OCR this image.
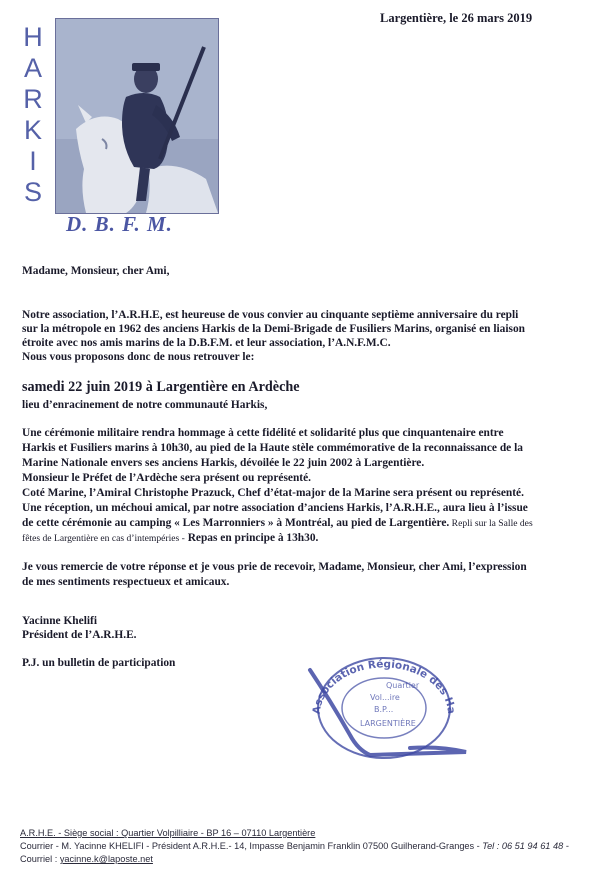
H
A
R
K
I
S
D. B. F. M.
Largentière, le 26 mars 2019
Madame, Monsieur, cher Ami,
Notre association, l’A.R.H.E, est heureuse de vous convier au cinquante septième anniversaire du repli
sur la métropole en 1962 des anciens Harkis de la Demi-Brigade de Fusiliers Marins, organisé en liaison
étroite avec nos amis marins de la D.B.F.M. et leur association, l’A.N.F.M.C.
Nous vous proposons donc de nous retrouver le:
samedi 22 juin 2019 à Largentière en Ardèche
lieu d’enracinement de notre communauté Harkis,
Une cérémonie militaire rendra hommage à cette fidélité et solidarité plus que cinquantenaire entre
Harkis et Fusiliers marins à 10h30, au pied de la Haute stèle commémorative de la reconnaissance de la
Marine Nationale envers ses anciens Harkis, dévoilée le 22 juin 2002 à Largentière.
Monsieur le Préfet de l’Ardèche sera présent ou représenté.
Coté Marine, l’Amiral Christophe Prazuck, Chef d’état-major de la Marine sera présent ou représenté.
Une réception, un méchoui amical, par notre association d’anciens Harkis, l’A.R.H.E., aura lieu à l’issue
de cette cérémonie au camping « Les Marronniers » à Montréal, au pied de Largentière. Repli sur la Salle des
fêtes de Largentière en cas d’intempéries - Repas en principe à 13h30.
Je vous remercie de votre réponse et je vous prie de recevoir, Madame, Monsieur, cher Ami, l’expression
de mes sentiments respectueux et amicaux.
Yacinne Khelifi
Président de l’A.R.H.E.
P.J. un bulletin de participation
Association Régionale des Ha
Quartier
Vol...ire
B.P...
LARGENTIÈRE
A.R.H.E. - Siège social : Quartier Volpilliaire - BP 16 – 07110 Largentière
Courrier - M. Yacinne KHELIFI - Président A.R.H.E.- 14, Impasse Benjamin Franklin 07500 Guilherand-Granges - Tel : 06 51 94 61 48 -
Courriel : yacinne.k@laposte.net
